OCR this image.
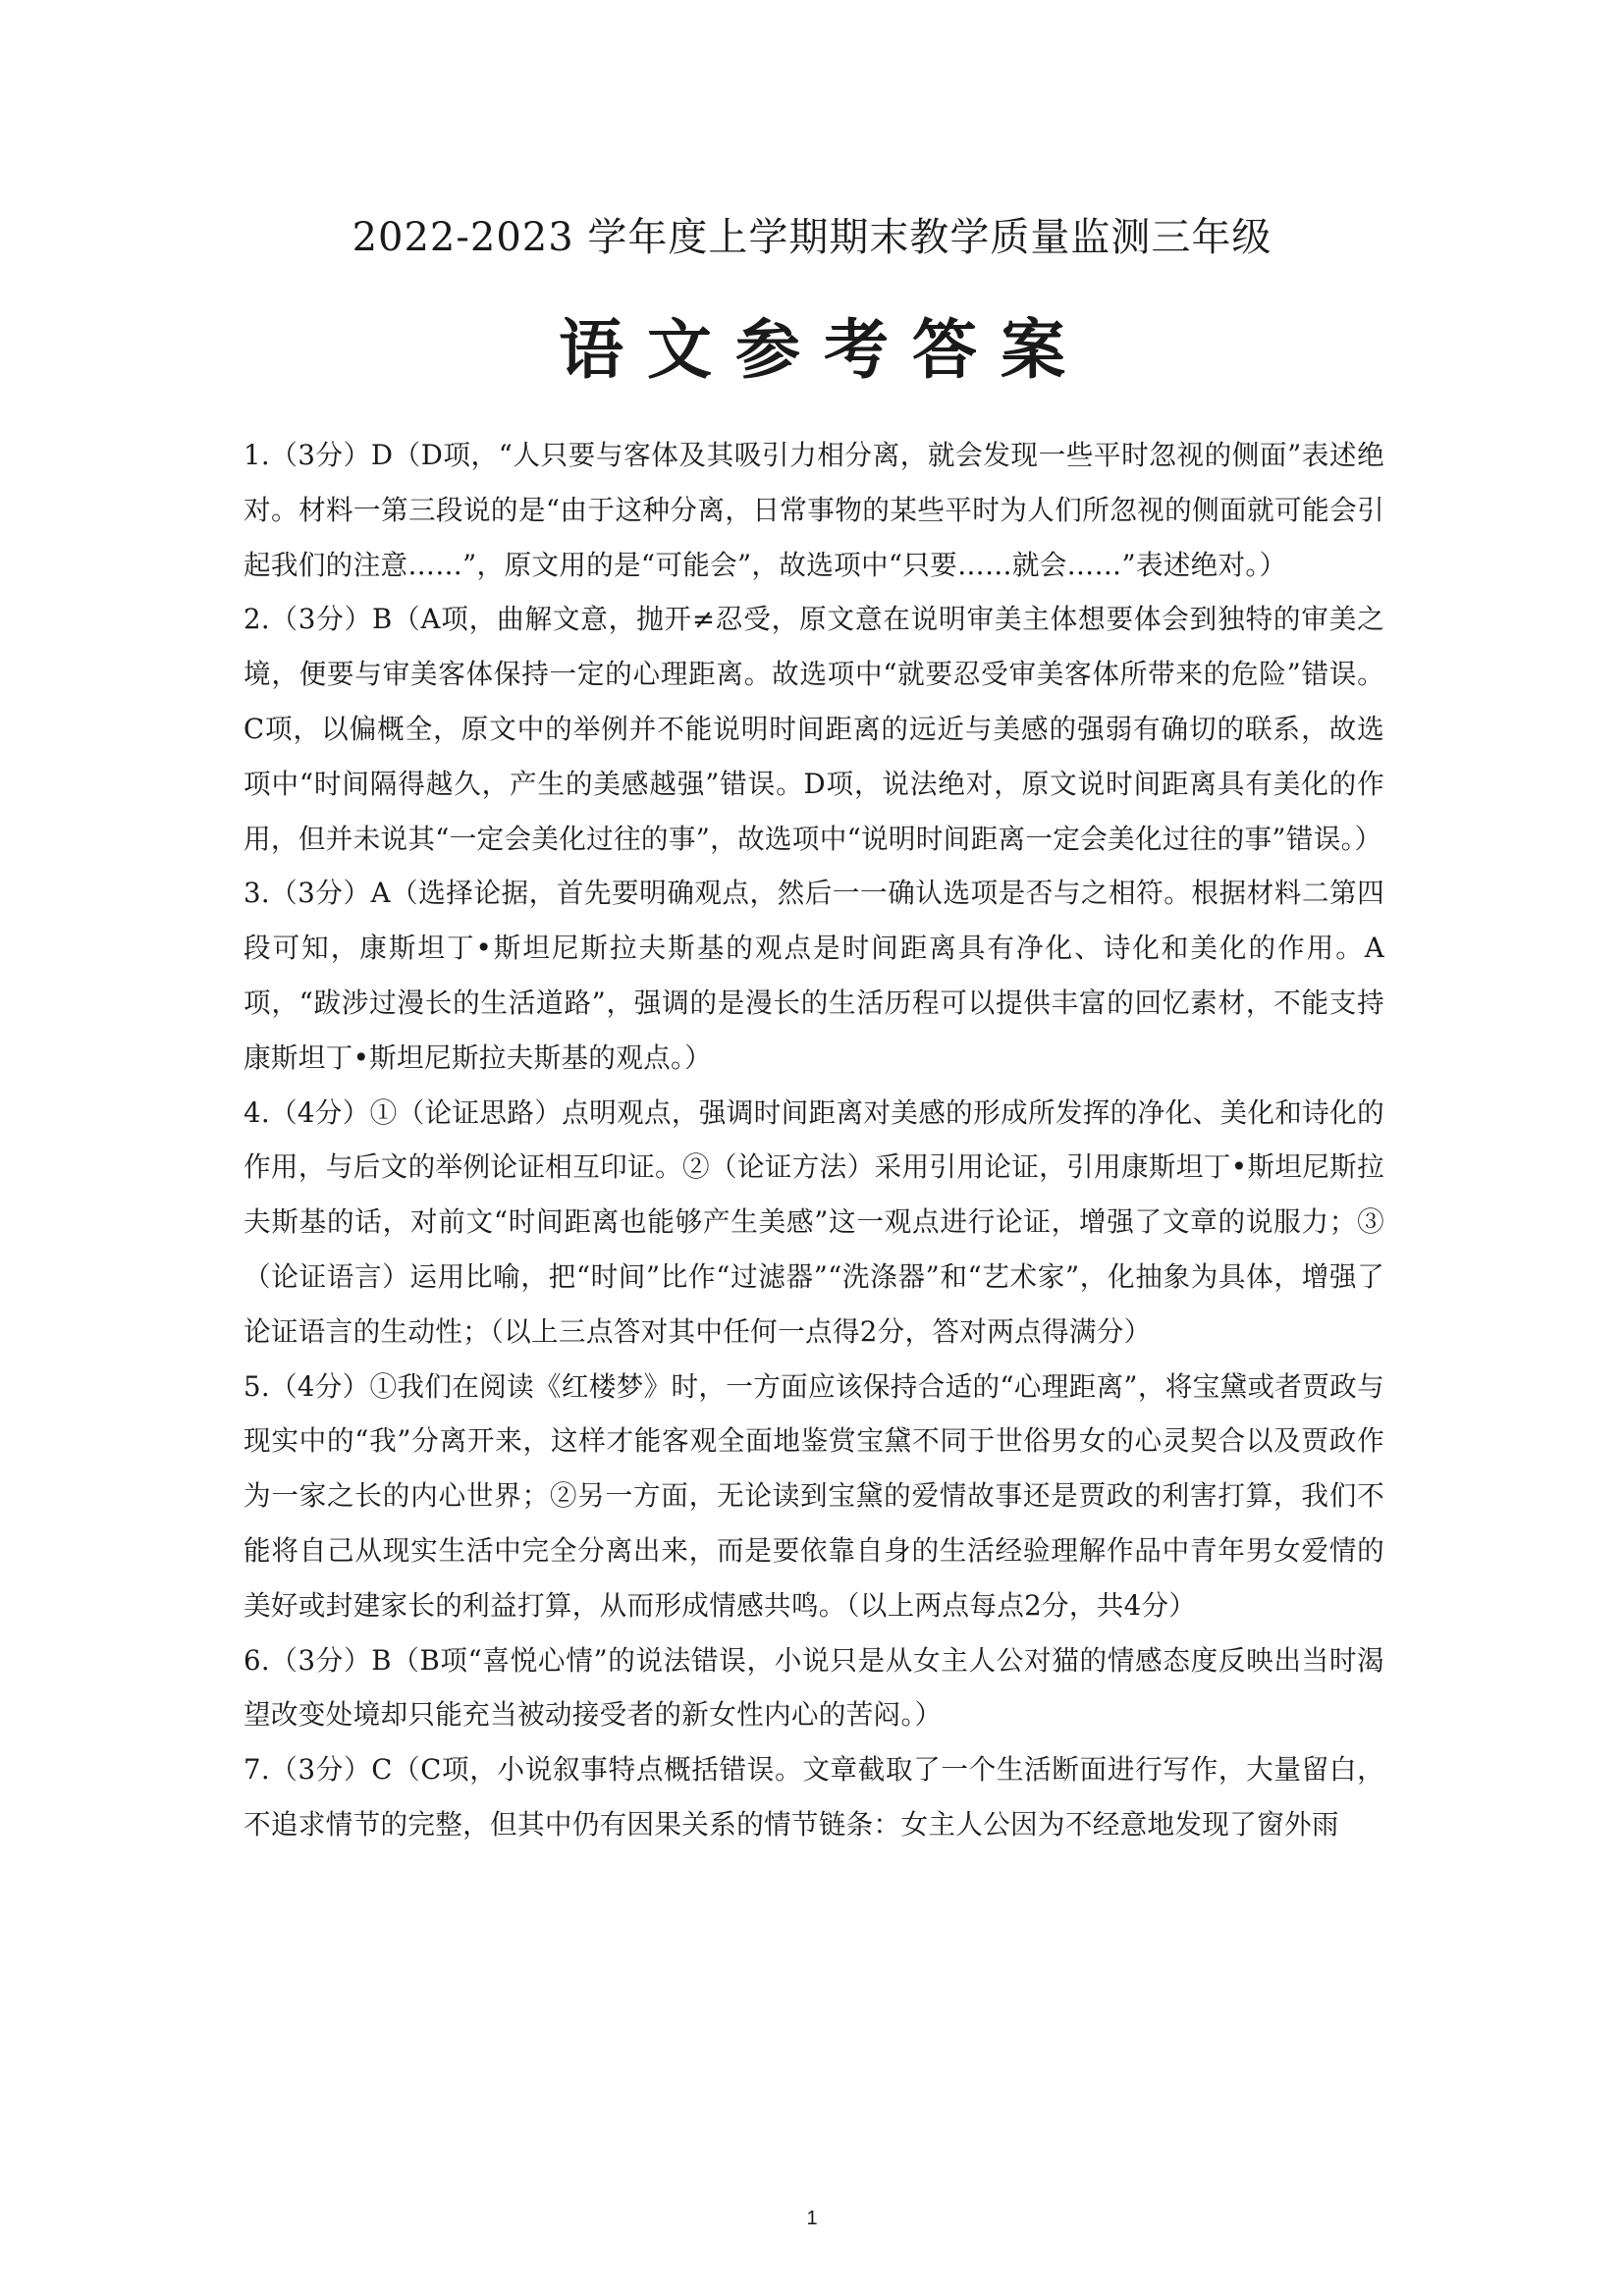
2022-2023 学年度上学期期末教学质量监测三年级
语文参考答案

1.（3分）D（D项，“人只要与客体及其吸引力相分离，就会发现一些平时忽视的侧面”表述绝对。材料一第三段说的是“由于这种分离，日常事物的某些平时为人们所忽视的侧面就可能会引起我们的注意……”，原文用的是“可能会”，故选项中“只要……就会……”表述绝对。）

2.（3分）B（A项，曲解文意，抛开≠忍受，原文意在说明审美主体想要体会到独特的审美之境，便要与审美客体保持一定的心理距离。故选项中“就要忍受审美客体所带来的危险”错误。C项，以偏概全，原文中的举例并不能说明时间距离的远近与美感的强弱有确切的联系，故选项中“时间隔得越久，产生的美感越强”错误。D项，说法绝对，原文说时间距离具有美化的作用，但并未说其“一定会美化过往的事”，故选项中“说明时间距离一定会美化过往的事”错误。）

3.（3分）A（选择论据，首先要明确观点，然后一一确认选项是否与之相符。根据材料二第四段可知，康斯坦丁•斯坦尼斯拉夫斯基的观点是时间距离具有净化、诗化和美化的作用。A项，“跋涉过漫长的生活道路”，强调的是漫长的生活历程可以提供丰富的回忆素材，不能支持康斯坦丁•斯坦尼斯拉夫斯基的观点。）

4.（4分）①（论证思路）点明观点，强调时间距离对美感的形成所发挥的净化、美化和诗化的作用，与后文的举例论证相互印证。②（论证方法）采用引用论证，引用康斯坦丁•斯坦尼斯拉夫斯基的话，对前文“时间距离也能够产生美感”这一观点进行论证，增强了文章的说服力；③（论证语言）运用比喻，把“时间”比作“过滤器”“洗涤器”和“艺术家”，化抽象为具体，增强了论证语言的生动性；（以上三点答对其中任何一点得2分，答对两点得满分）

5.（4分）①我们在阅读《红楼梦》时，一方面应该保持合适的“心理距离”，将宝黛或者贾政与现实中的“我”分离开来，这样才能客观全面地鉴赏宝黛不同于世俗男女的心灵契合以及贾政作为一家之长的内心世界；②另一方面，无论读到宝黛的爱情故事还是贾政的利害打算，我们不能将自己从现实生活中完全分离出来，而是要依靠自身的生活经验理解作品中青年男女爱情的美好或封建家长的利益打算，从而形成情感共鸣。（以上两点每点2分，共4分）

6.（3分）B（B项“喜悦心情”的说法错误，小说只是从女主人公对猫的情感态度反映出当时渴望改变处境却只能充当被动接受者的新女性内心的苦闷。）

7.（3分）C（C项，小说叙事特点概括错误。文章截取了一个生活断面进行写作，大量留白，不追求情节的完整，但其中仍有因果关系的情节链条：女主人公因为不经意地发现了窗外雨

1
